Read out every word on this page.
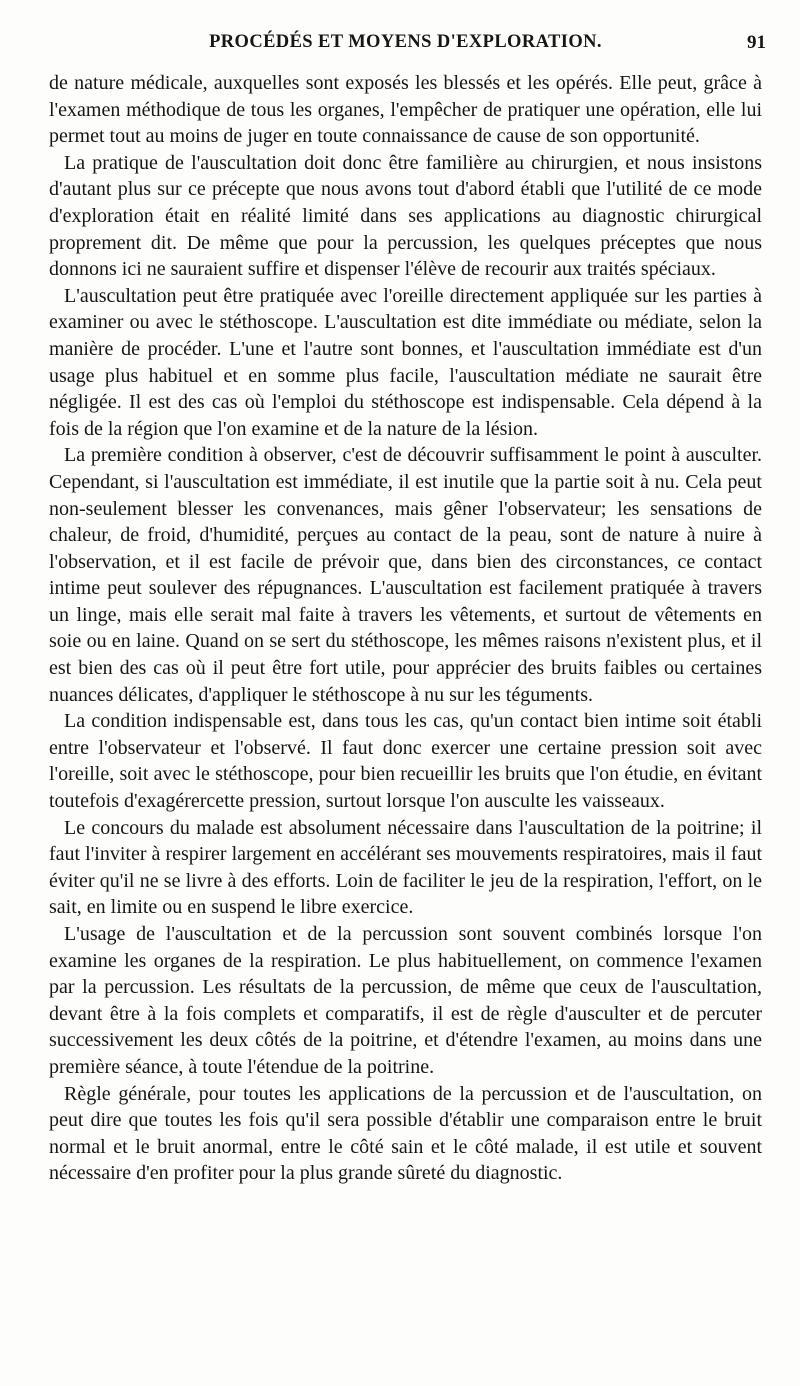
PROCÉDÉS ET MOYENS D'EXPLORATION.	91

de nature médicale, auxquelles sont exposés les blessés et les opérés. Elle peut, grâce à l'examen méthodique de tous les organes, l'empêcher de pratiquer une opération, elle lui permet tout au moins de juger en toute connaissance de cause de son opportunité.

La pratique de l'auscultation doit donc être familière au chirurgien, et nous insistons d'autant plus sur ce précepte que nous avons tout d'abord établi que l'utilité de ce mode d'exploration était en réalité limité dans ses applications au diagnostic chirurgical proprement dit. De même que pour la percussion, les quelques préceptes que nous donnons ici ne sauraient suffire et dispenser l'élève de recourir aux traités spéciaux.

L'auscultation peut être pratiquée avec l'oreille directement appliquée sur les parties à examiner ou avec le stéthoscope. L'auscultation est dite immédiate ou médiate, selon la manière de procéder. L'une et l'autre sont bonnes, et l'auscultation immédiate est d'un usage plus habituel et en somme plus facile, l'auscultation médiate ne saurait être négligée. Il est des cas où l'emploi du stéthoscope est indispensable. Cela dépend à la fois de la région que l'on examine et de la nature de la lésion.

La première condition à observer, c'est de découvrir suffisamment le point à ausculter. Cependant, si l'auscultation est immédiate, il est inutile que la partie soit à nu. Cela peut non-seulement blesser les convenances, mais gêner l'observateur; les sensations de chaleur, de froid, d'humidité, perçues au contact de la peau, sont de nature à nuire à l'observation, et il est facile de prévoir que, dans bien des circonstances, ce contact intime peut soulever des répugnances. L'auscultation est facilement pratiquée à travers un linge, mais elle serait mal faite à travers les vêtements, et surtout de vêtements en soie ou en laine. Quand on se sert du stéthoscope, les mêmes raisons n'existent plus, et il est bien des cas où il peut être fort utile, pour apprécier des bruits faibles ou certaines nuances délicates, d'appliquer le stéthoscope à nu sur les téguments.

La condition indispensable est, dans tous les cas, qu'un contact bien intime soit établi entre l'observateur et l'observé. Il faut donc exercer une certaine pression soit avec l'oreille, soit avec le stéthoscope, pour bien recueillir les bruits que l'on étudie, en évitant toutefois d'exagérercette pression, surtout lorsque l'on ausculte les vaisseaux.

Le concours du malade est absolument nécessaire dans l'auscultation de la poitrine; il faut l'inviter à respirer largement en accélérant ses mouvements respiratoires, mais il faut éviter qu'il ne se livre à des efforts. Loin de faciliter le jeu de la respiration, l'effort, on le sait, en limite ou en suspend le libre exercice.

L'usage de l'auscultation et de la percussion sont souvent combinés lorsque l'on examine les organes de la respiration. Le plus habituellement, on commence l'examen par la percussion. Les résultats de la percussion, de même que ceux de l'auscultation, devant être à la fois complets et comparatifs, il est de règle d'ausculter et de percuter successivement les deux côtés de la poitrine, et d'étendre l'examen, au moins dans une première séance, à toute l'étendue de la poitrine.

Règle générale, pour toutes les applications de la percussion et de l'auscultation, on peut dire que toutes les fois qu'il sera possible d'établir une comparaison entre le bruit normal et le bruit anormal, entre le côté sain et le côté malade, il est utile et souvent nécessaire d'en profiter pour la plus grande sûreté du diagnostic.
